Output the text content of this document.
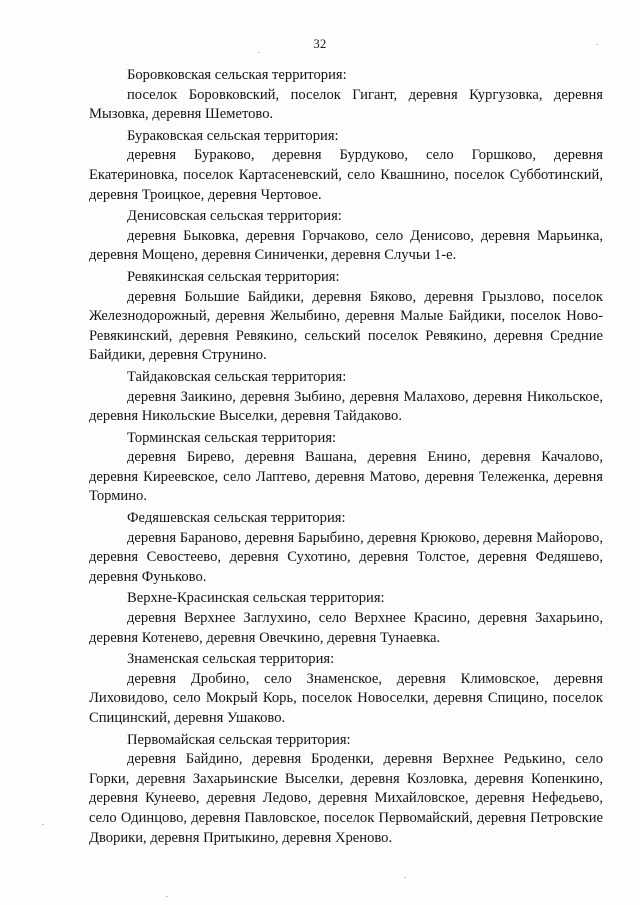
32

Боровковская сельская территория:

поселок Боровковский, поселок Гигант, деревня Кургузовка, деревня Мызовка, деревня Шеметово.

Бураковская сельская территория:

деревня Бураково, деревня Бурдуково, село Горшково, деревня Екатериновка, поселок Картасеневский, село Квашнино, поселок Субботинский, деревня Троицкое, деревня Чертовое.

Денисовская сельская территория:

деревня Быковка, деревня Горчаково, село Денисово, деревня Марьинка, деревня Мощено, деревня Синиченки, деревня Случьи 1-е.

Ревякинская сельская территория:

деревня Большие Байдики, деревня Бяково, деревня Грызлово, поселок Железнодорожный, деревня Желыбино, деревня Малые Байдики, поселок Ново-Ревякинский, деревня Ревякино, сельский поселок Ревякино, деревня Средние Байдики, деревня Струнино.

Тайдаковская сельская территория:

деревня Заикино, деревня Зыбино, деревня Малахово, деревня Никольское, деревня Никольские Выселки, деревня Тайдаково.

Торминская сельская территория:

деревня Бирево, деревня Вашана, деревня Енино, деревня Качалово, деревня Киреевское, село Лаптево, деревня Матово, деревня Тележенка, деревня Тормино.

Федяшевская сельская территория:

деревня Бараново, деревня Барыбино, деревня Крюково, деревня Майорово, деревня Севостеево, деревня Сухотино, деревня Толстое, деревня Федяшево, деревня Фуньково.

Верхне-Красинская сельская территория:

деревня Верхнее Заглухино, село Верхнее Красино, деревня Захарьино, деревня Котенево, деревня Овечкино, деревня Тунаевка.

Знаменская сельская территория:

деревня Дробино, село Знаменское, деревня Климовское, деревня Лиховидово, село Мокрый Корь, поселок Новоселки, деревня Спицино, поселок Спицинский, деревня Ушаково.

Первомайская сельская территория:

деревня Байдино, деревня Броденки, деревня Верхнее Редькино, село Горки, деревня Захарьинские Выселки, деревня Козловка, деревня Копенкино, деревня Кунеево, деревня Ледово, деревня Михайловское, деревня Нефедьево, село Одинцово, деревня Павловское, поселок Первомайский, деревня Петровские Дворики, деревня Притыкино, деревня Хреново.
